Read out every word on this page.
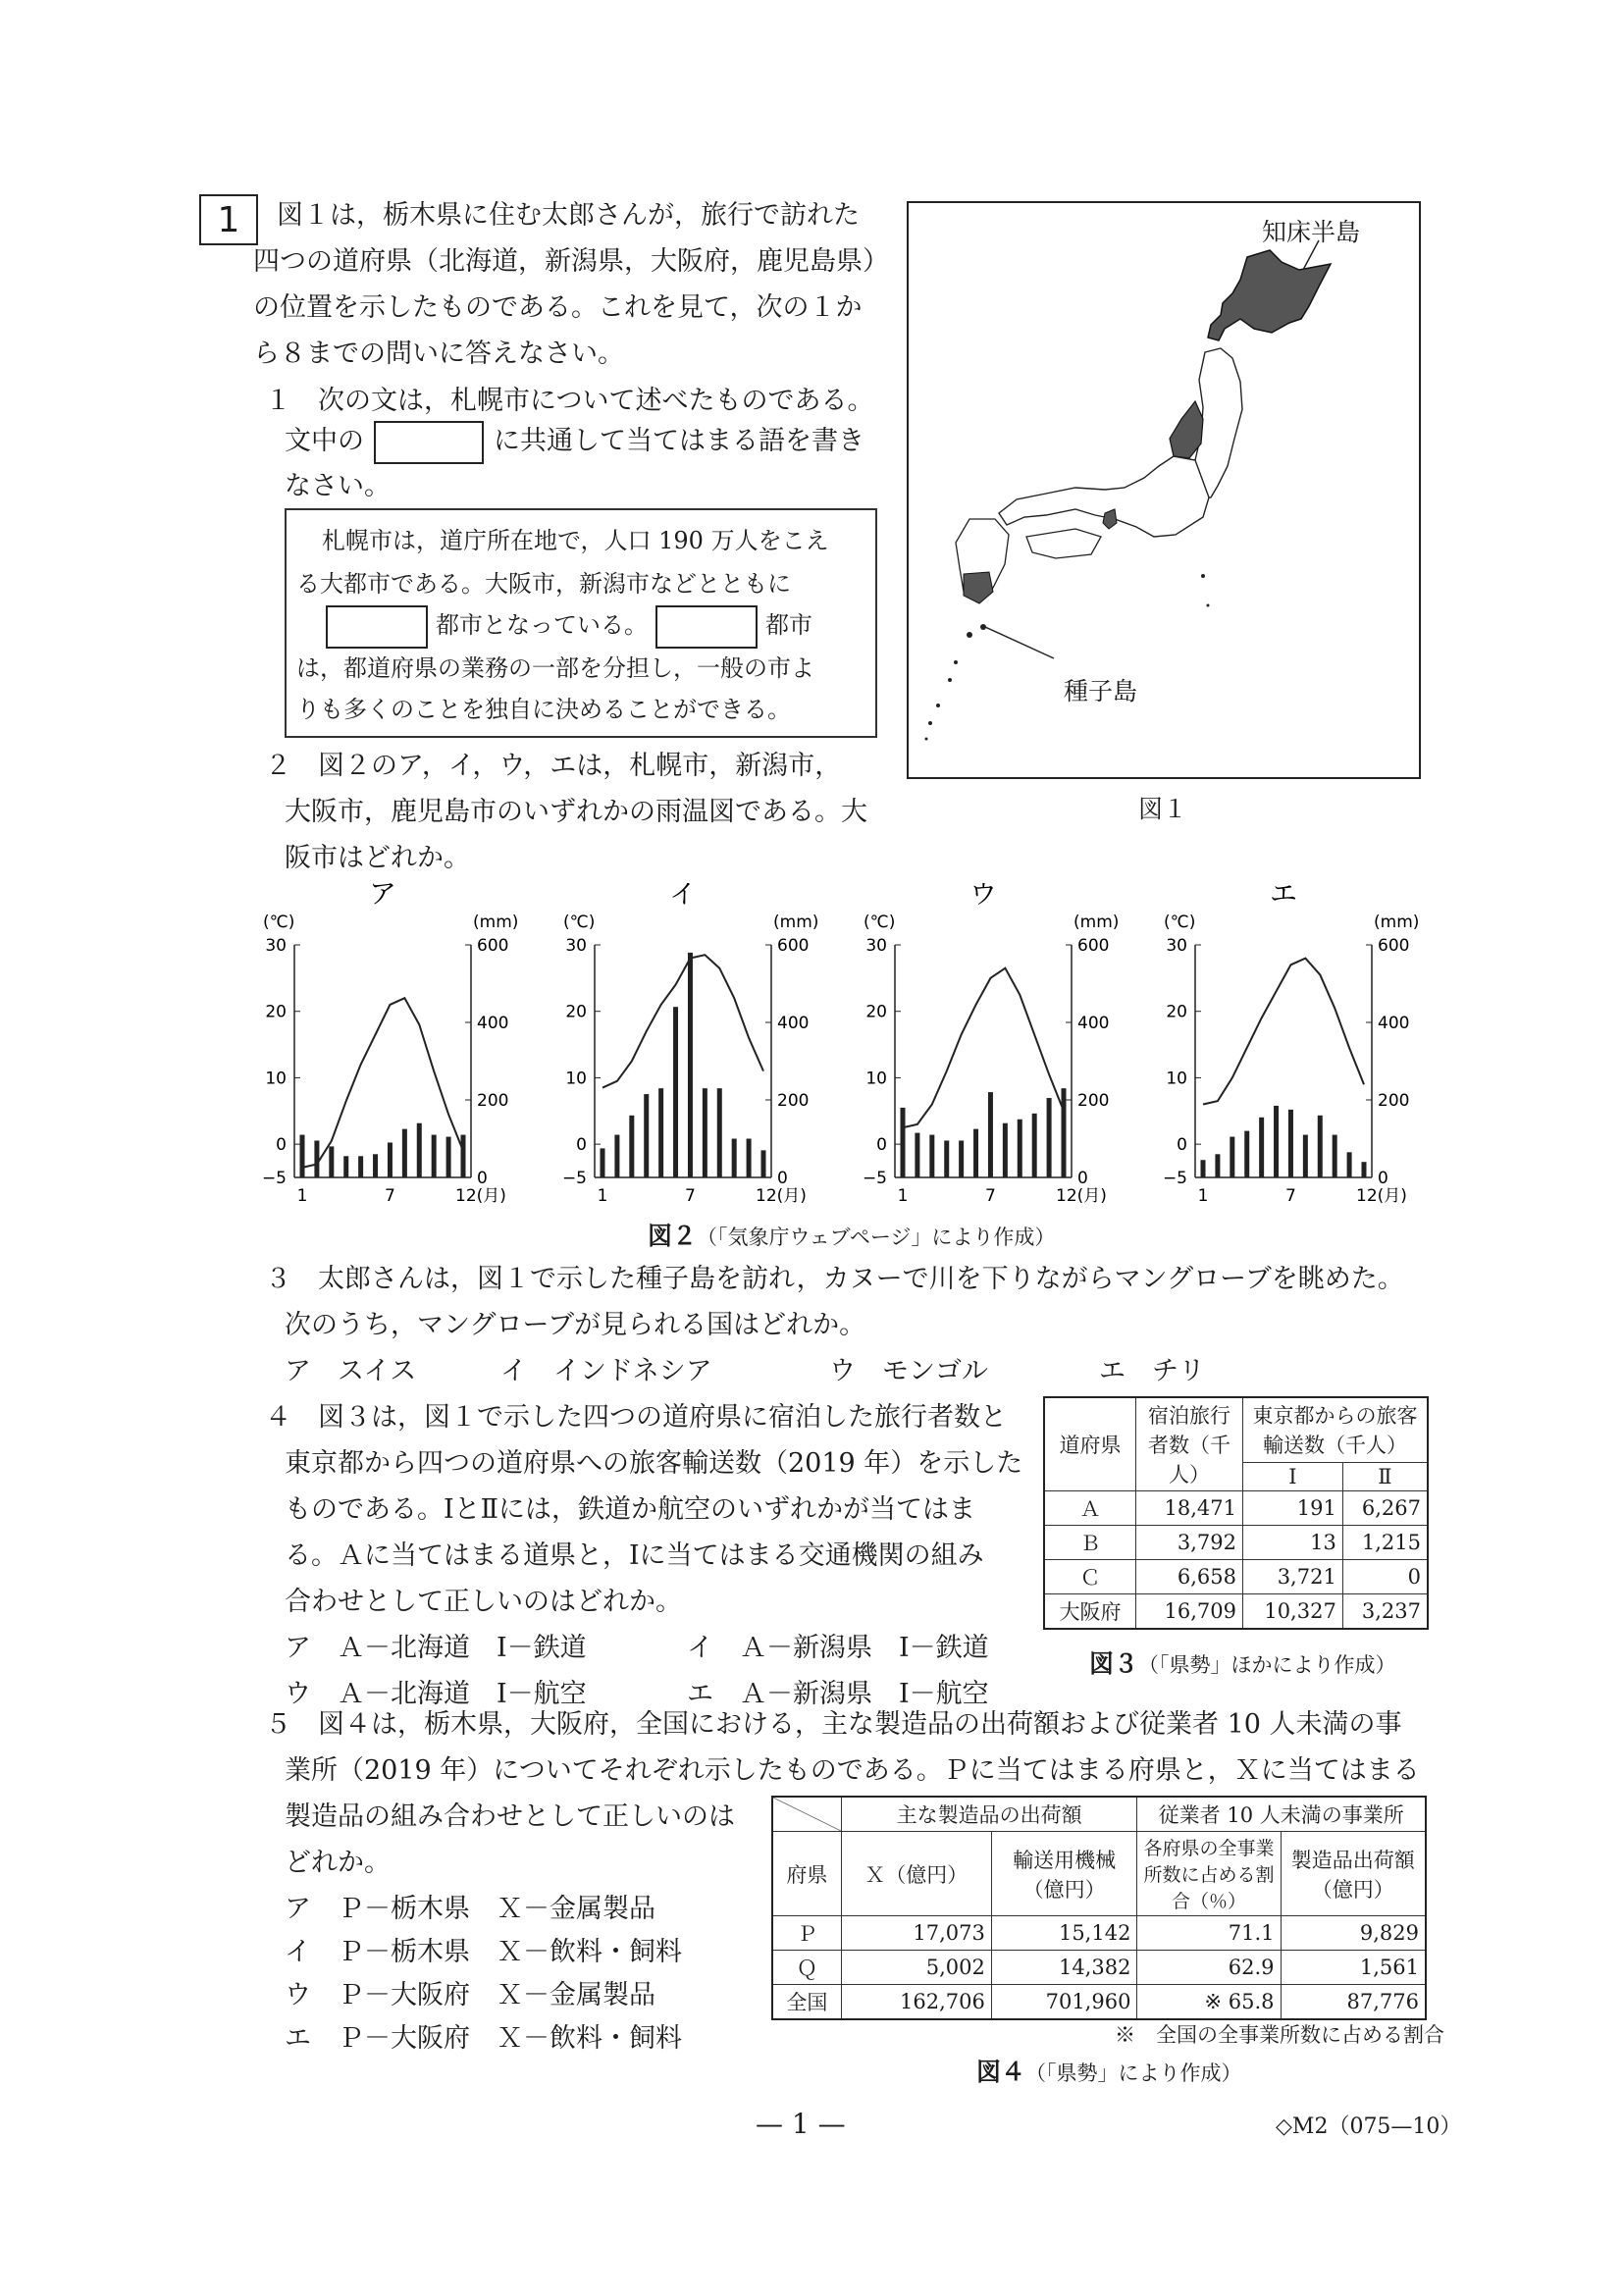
1	図１は，栃木県に住む太郎さんが，旅行で訪れた
四つの道府県（北海道，新潟県，大阪府，鹿児島県）
の位置を示したものである。これを見て，次の１か
ら８までの問いに答えなさい。
１　次の文は，札幌市について述べたものである。
文中の	に共通して当てはまる語を書き
なさい。
札幌市は，道庁所在地で，人口 190 万人をこえ
る大都市である。大阪市，新潟市などとともに
都市となっている。	都市
は，都道府県の業務の一部を分担し，一般の市よ
りも多くのことを独自に決めることができる。
知床半島
種子島
図１
２　図２のア，イ，ウ，エは，札幌市，新潟市，
大阪市，鹿児島市のいずれかの雨温図である。大
阪市はどれか。
ア
(℃)	(mm)
30
20
10
0
−5
600
400
200
0
1	7	12(月)
イ
(℃)	(mm)
30
20
10
0
−5
600
400
200
0
1	7	12(月)
ウ
(℃)	(mm)
30
20
10
0
−5
600
400
200
0
1	7	12(月)
エ
(℃)	(mm)
30
20
10
0
−5
600
400
200
0
1	7	12(月)
図２（「気象庁ウェブページ」により作成）
３　太郎さんは，図１で示した種子島を訪れ，カヌーで川を下りながらマングローブを眺めた。
次のうち，マングローブが見られる国はどれか。
ア　スイス	イ　インドネシア	ウ　モンゴル	エ　チリ
４　図３は，図１で示した四つの道府県に宿泊した旅行者数と
東京都から四つの道府県への旅客輸送数（2019 年）を示した
ものである。ⅠとⅡには，鉄道か航空のいずれかが当てはま
る。Ａに当てはまる道県と，Ⅰに当てはまる交通機関の組み
合わせとして正しいのはどれか。
ア　Ａ－北海道　Ⅰ－鉄道	イ　Ａ－新潟県　Ⅰ－鉄道
ウ　Ａ－北海道　Ⅰ－航空	エ　Ａ－新潟県　Ⅰ－航空
道府県	宿泊旅行者数（千人）	東京都からの旅客輸送数（千人）	
		Ⅰ	Ⅱ
Ａ	18,471	191	6,267
Ｂ	3,792	13	1,215
Ｃ	6,658	3,721	0
大阪府	16,709	10,327	3,237
図３（「県勢」ほかにより作成）
５　図４は，栃木県，大阪府，全国における，主な製造品の出荷額および従業者 10 人未満の事
業所（2019 年）についてそれぞれ示したものである。Ｐに当てはまる府県と，Ｘに当てはまる
製造品の組み合わせとして正しいのは
どれか。
ア　Ｐ－栃木県　Ｘ－金属製品
イ　Ｐ－栃木県　Ｘ－飲料・飼料
ウ　Ｐ－大阪府　Ｘ－金属製品
エ　Ｐ－大阪府　Ｘ－飲料・飼料
	主な製造品の出荷額		従業者 10 人未満の事業所	
府県	Ｘ（億円）	輸送用機械（億円）	各府県の全事業所数に占める割合（％）	製造品出荷額（億円）
Ｐ	17,073	15,142	71.1	9,829
Ｑ	5,002	14,382	62.9	1,561
全国	162,706	701,960	※ 65.8	87,776
※　全国の全事業所数に占める割合
図４（「県勢」により作成）
— 1 —	◇M2（075—10）
